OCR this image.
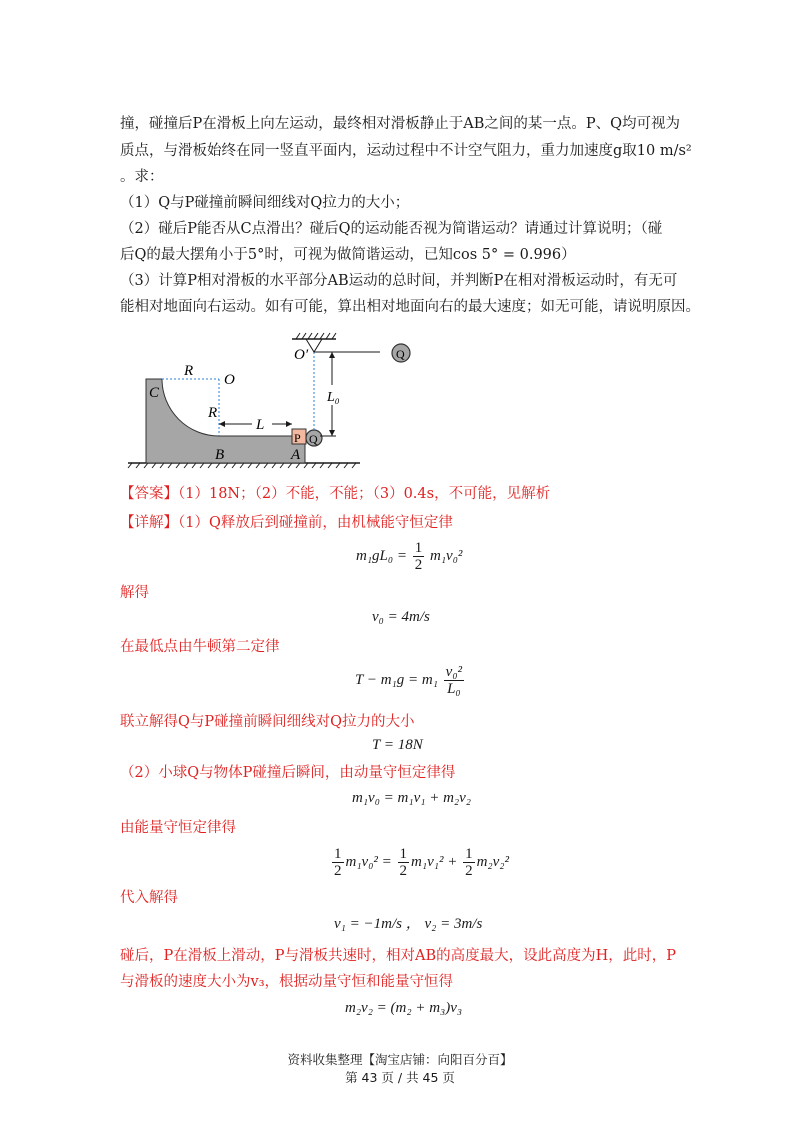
撞，碰撞后P在滑板上向左运动，最终相对滑板静止于AB之间的某一点。P、Q均可视为
质点，与滑板始终在同一竖直平面内，运动过程中不计空气阻力，重力加速度g取10 m/s²
。求：
（1）Q与P碰撞前瞬间细线对Q拉力的大小；
（2）碰后P能否从C点滑出？碰后Q的运动能否视为简谐运动？请通过计算说明；（碰
后Q的最大摆角小于5°时，可视为做简谐运动，已知cos 5° = 0.996）
（3）计算P相对滑板的水平部分AB运动的总时间，并判断P在相对滑板运动时，有无可
能相对地面向右运动。如有可能，算出相对地面向右的最大速度；如无可能，请说明原因。
R
O
C
R
L
P Q
B	A
O′
L₀
Q
【答案】（1）18N；（2）不能，不能；（3）0.4s，不可能，见解析
【详解】（1）Q释放后到碰撞前，由机械能守恒定律
$m_1gL_0 = \frac{1}{2} m_1v_0^2$
解得
v₀ = 4m/s
在最低点由牛顿第二定律
$T - m_1g = m_1 \frac{\text{v₀²}}{\text{L₀}}$
联立解得Q与P碰撞前瞬间细线对Q拉力的大小
T = 18N
（2）小球Q与物体P碰撞后瞬间，由动量守恒定律得
m₁v₀ = m₁v₁ + m₂v₂
由能量守恒定律得
$\frac{1}{2} m_1v_0^2 = \frac{1}{2} m_1v_1^2 + \frac{1}{2} m_2v_2^2$
代入解得
v₁ = −1m/s ， v₂ = 3m/s
碰后，P在滑板上滑动，P与滑板共速时，相对AB的高度最大，设此高度为H，此时，P
与滑板的速度大小为v₃，根据动量守恒和能量守恒得
m₂v₂ = (m₂ + m₃)v₃
资料收集整理【淘宝店铺：向阳百分百】
第 43 页 / 共 45 页
